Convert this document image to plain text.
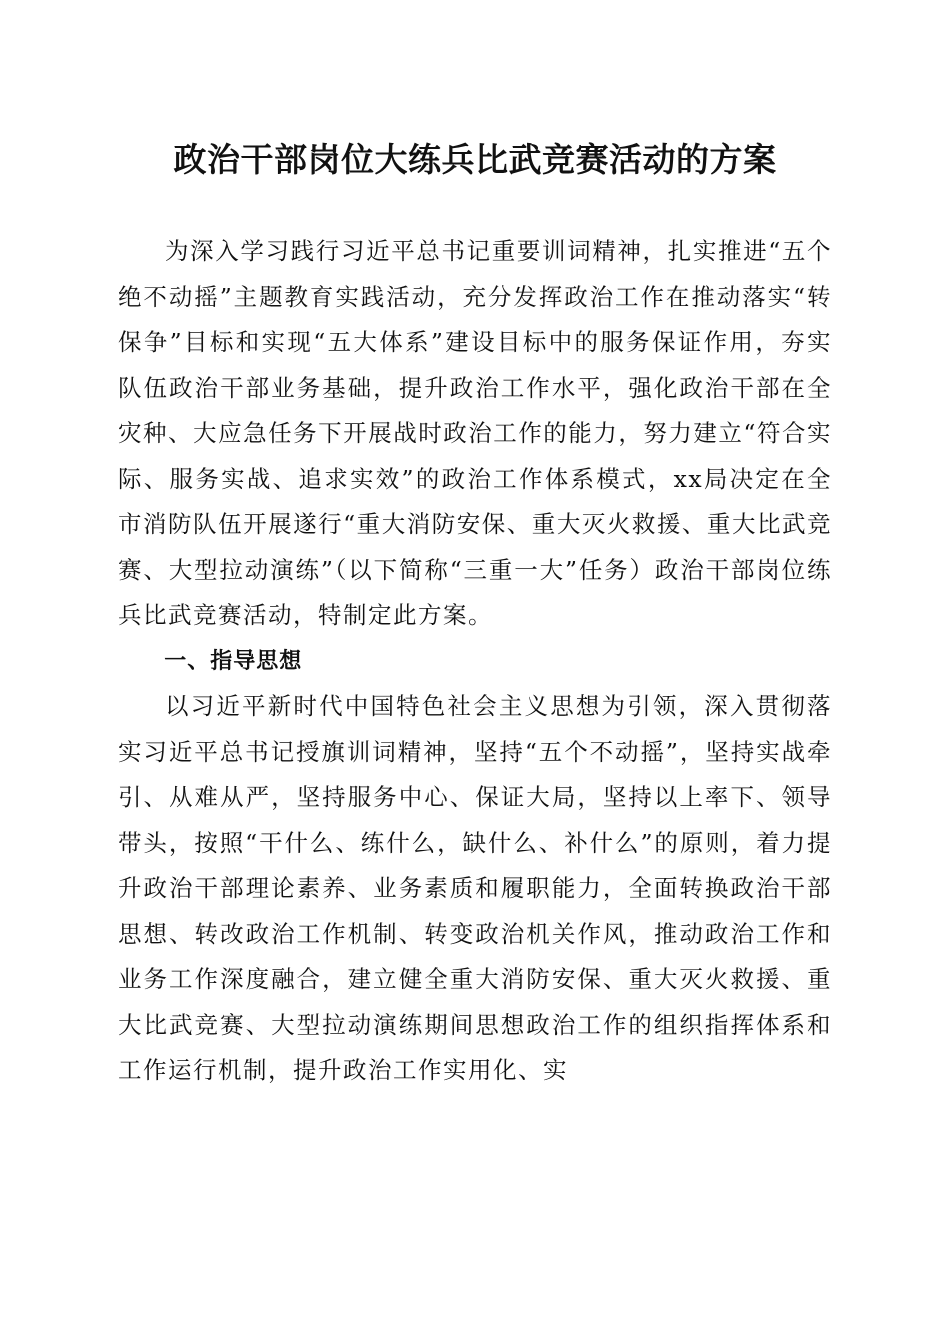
政治干部岗位大练兵比武竞赛活动的方案

为深入学习践行习近平总书记重要训词精神，扎实推进“五个绝不动摇”主题教育实践活动，充分发挥政治工作在推动落实“转保争”目标和实现“五大体系”建设目标中的服务保证作用，夯实队伍政治干部业务基础，提升政治工作水平，强化政治干部在全灾种、大应急任务下开展战时政治工作的能力，努力建立“符合实际、服务实战、追求实效”的政治工作体系模式，xx局决定在全市消防队伍开展遂行“重大消防安保、重大灭火救援、重大比武竞赛、大型拉动演练”（以下简称“三重一大”任务）政治干部岗位练兵比武竞赛活动，特制定此方案。

一、指导思想

以习近平新时代中国特色社会主义思想为引领，深入贯彻落实习近平总书记授旗训词精神，坚持“五个不动摇”，坚持实战牵引、从难从严，坚持服务中心、保证大局，坚持以上率下、领导带头，按照“干什么、练什么，缺什么、补什么”的原则，着力提升政治干部理论素养、业务素质和履职能力，全面转换政治干部思想、转改政治工作机制、转变政治机关作风，推动政治工作和业务工作深度融合，建立健全重大消防安保、重大灭火救援、重大比武竞赛、大型拉动演练期间思想政治工作的组织指挥体系和工作运行机制，提升政治工作实用化、实
